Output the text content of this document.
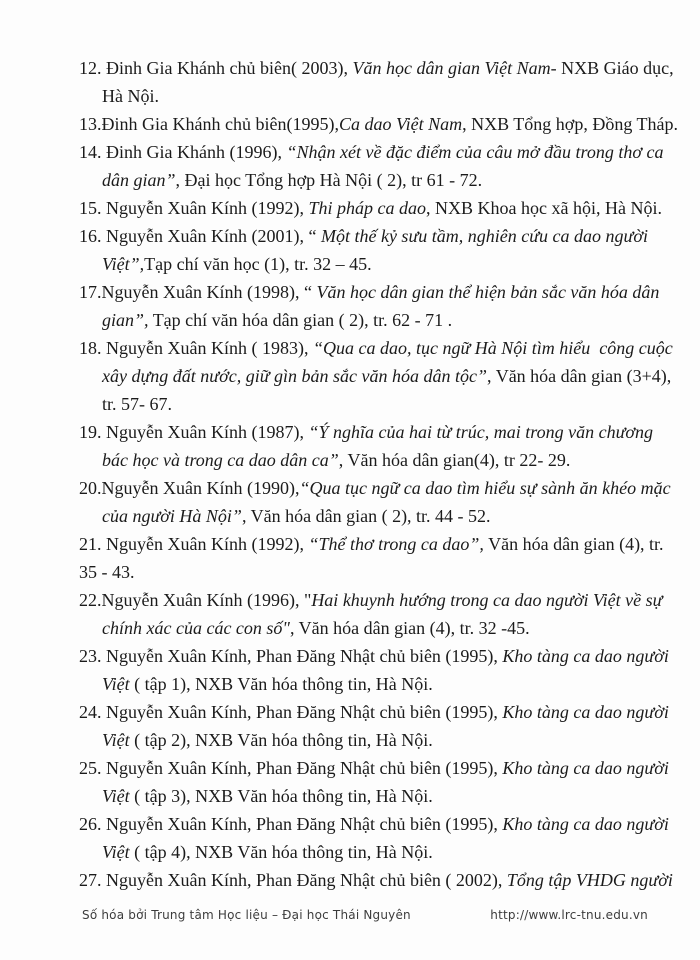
12. Đinh Gia Khánh chủ biên( 2003), Văn học dân gian Việt Nam- NXB Giáo dục,
Hà Nội.
13.Đinh Gia Khánh chủ biên(1995),Ca dao Việt Nam, NXB Tổng hợp, Đồng Tháp.
14. Đinh Gia Khánh (1996), “Nhận xét về đặc điểm của câu mở đầu trong thơ ca
dân gian”, Đại học Tổng hợp Hà Nội ( 2), tr 61 - 72.
15. Nguyễn Xuân Kính (1992), Thi pháp ca dao, NXB Khoa học xã hội, Hà Nội.
16. Nguyễn Xuân Kính (2001), “ Một thế kỷ sưu tầm, nghiên cứu ca dao người
Việt”,Tạp chí văn học (1), tr. 32 – 45.
17.Nguyễn Xuân Kính (1998), “ Văn học dân gian thể hiện bản sắc văn hóa dân
gian”, Tạp chí văn hóa dân gian ( 2), tr. 62 - 71 .
18. Nguyễn Xuân Kính ( 1983), “Qua ca dao, tục ngữ Hà Nội tìm hiểu  công cuộc
xây dựng đất nước, giữ gìn bản sắc văn hóa dân tộc”, Văn hóa dân gian (3+4),
tr. 57- 67.
19. Nguyễn Xuân Kính (1987), “Ý nghĩa của hai từ trúc, mai trong văn chương
bác học và trong ca dao dân ca”, Văn hóa dân gian(4), tr 22- 29.
20.Nguyễn Xuân Kính (1990),“Qua tục ngữ ca dao tìm hiểu sự sành ăn khéo mặc
của người Hà Nội”, Văn hóa dân gian ( 2), tr. 44 - 52.
21. Nguyễn Xuân Kính (1992), “Thể thơ trong ca dao”, Văn hóa dân gian (4), tr.
35 - 43.
22.Nguyễn Xuân Kính (1996), "Hai khuynh hướng trong ca dao người Việt về sự
chính xác của các con số", Văn hóa dân gian (4), tr. 32 -45.
23. Nguyễn Xuân Kính, Phan Đăng Nhật chủ biên (1995), Kho tàng ca dao người
Việt ( tập 1), NXB Văn hóa thông tin, Hà Nội.
24. Nguyễn Xuân Kính, Phan Đăng Nhật chủ biên (1995), Kho tàng ca dao người
Việt ( tập 2), NXB Văn hóa thông tin, Hà Nội.
25. Nguyễn Xuân Kính, Phan Đăng Nhật chủ biên (1995), Kho tàng ca dao người
Việt ( tập 3), NXB Văn hóa thông tin, Hà Nội.
26. Nguyễn Xuân Kính, Phan Đăng Nhật chủ biên (1995), Kho tàng ca dao người
Việt ( tập 4), NXB Văn hóa thông tin, Hà Nội.
27. Nguyễn Xuân Kính, Phan Đăng Nhật chủ biên ( 2002), Tổng tập VHDG người
Số hóa bởi Trung tâm Học liệu – Đại học Thái Nguyên	http://www.lrc-tnu.edu.vn
